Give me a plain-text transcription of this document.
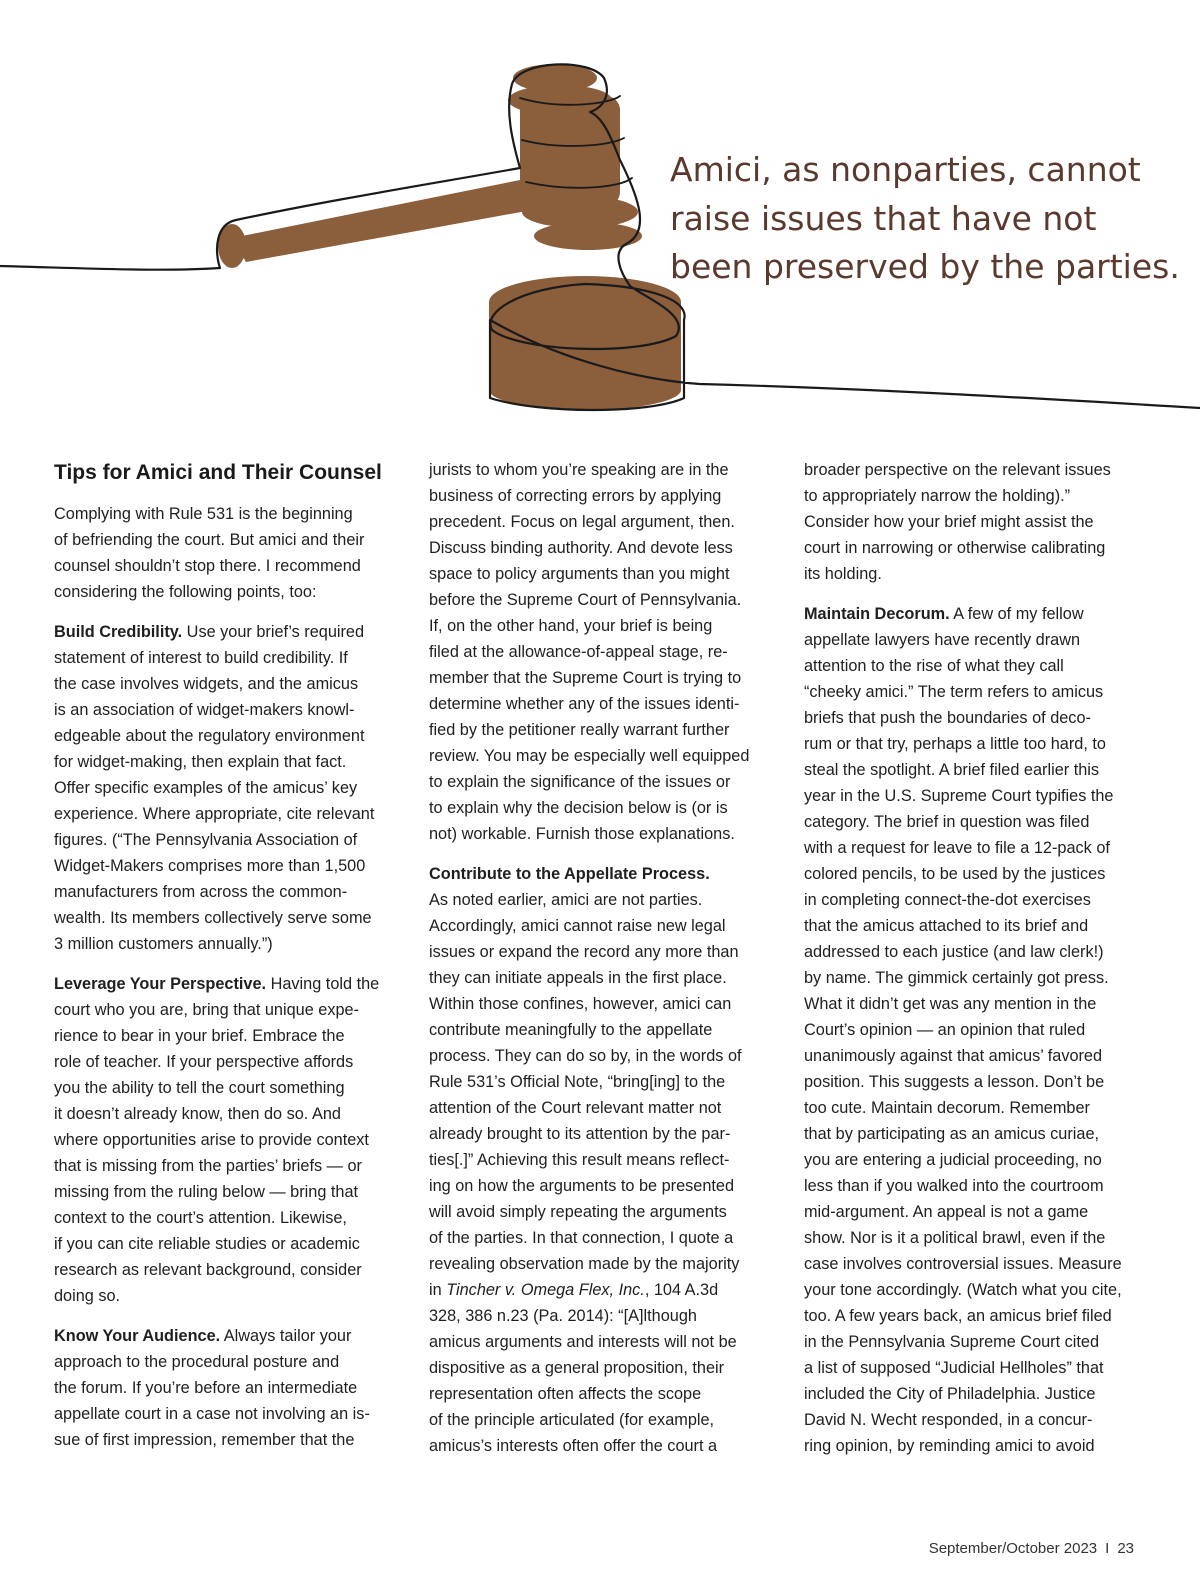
Amici, as nonparties, cannot
raise issues that have not
been preserved by the parties.
Tips for Amici and Their Counsel

Complying with Rule 531 is the beginning
of befriending the court. But amici and their
counsel shouldn’t stop there. I recommend
considering the following points, too:

Build Credibility. Use your brief’s required
statement of interest to build credibility. If
the case involves widgets, and the amicus
is an association of widget-makers knowl-
edgeable about the regulatory environment
for widget-making, then explain that fact.
Offer specific examples of the amicus’ key
experience. Where appropriate, cite relevant
figures. (“The Pennsylvania Association of
Widget-Makers comprises more than 1,500
manufacturers from across the common-
wealth. Its members collectively serve some
3 million customers annually.”)

Leverage Your Perspective. Having told the
court who you are, bring that unique expe-
rience to bear in your brief. Embrace the
role of teacher. If your perspective affords
you the ability to tell the court something
it doesn’t already know, then do so. And
where opportunities arise to provide context
that is missing from the parties’ briefs — or
missing from the ruling below — bring that
context to the court’s attention. Likewise,
if you can cite reliable studies or academic
research as relevant background, consider
doing so.

Know Your Audience. Always tailor your
approach to the procedural posture and
the forum. If you’re before an intermediate
appellate court in a case not involving an is-
sue of first impression, remember that the

jurists to whom you’re speaking are in the
business of correcting errors by applying
precedent. Focus on legal argument, then.
Discuss binding authority. And devote less
space to policy arguments than you might
before the Supreme Court of Pennsylvania.
If, on the other hand, your brief is being
filed at the allowance-of-appeal stage, re-
member that the Supreme Court is trying to
determine whether any of the issues identi-
fied by the petitioner really warrant further
review. You may be especially well equipped
to explain the significance of the issues or
to explain why the decision below is (or is
not) workable. Furnish those explanations.

Contribute to the Appellate Process.
As noted earlier, amici are not parties.
Accordingly, amici cannot raise new legal
issues or expand the record any more than
they can initiate appeals in the first place.
Within those confines, however, amici can
contribute meaningfully to the appellate
process. They can do so by, in the words of
Rule 531’s Official Note, “bring[ing] to the
attention of the Court relevant matter not
already brought to its attention by the par-
ties[.]” Achieving this result means reflect-
ing on how the arguments to be presented
will avoid simply repeating the arguments
of the parties. In that connection, I quote a
revealing observation made by the majority
in Tincher v. Omega Flex, Inc., 104 A.3d
328, 386 n.23 (Pa. 2014): “[A]lthough
amicus arguments and interests will not be
dispositive as a general proposition, their
representation often affects the scope
of the principle articulated (for example,
amicus’s interests often offer the court a

broader perspective on the relevant issues
to appropriately narrow the holding).”
Consider how your brief might assist the
court in narrowing or otherwise calibrating
its holding.

Maintain Decorum. A few of my fellow
appellate lawyers have recently drawn
attention to the rise of what they call
“cheeky amici.” The term refers to amicus
briefs that push the boundaries of deco-
rum or that try, perhaps a little too hard, to
steal the spotlight. A brief filed earlier this
year in the U.S. Supreme Court typifies the
category. The brief in question was filed
with a request for leave to file a 12-pack of
colored pencils, to be used by the justices
in completing connect-the-dot exercises
that the amicus attached to its brief and
addressed to each justice (and law clerk!)
by name. The gimmick certainly got press.
What it didn’t get was any mention in the
Court’s opinion — an opinion that ruled
unanimously against that amicus’ favored
position. This suggests a lesson. Don’t be
too cute. Maintain decorum. Remember
that by participating as an amicus curiae,
you are entering a judicial proceeding, no
less than if you walked into the courtroom
mid-argument. An appeal is not a game
show. Nor is it a political brawl, even if the
case involves controversial issues. Measure
your tone accordingly. (Watch what you cite,
too. A few years back, an amicus brief filed
in the Pennsylvania Supreme Court cited
a list of supposed “Judicial Hellholes” that
included the City of Philadelphia. Justice
David N. Wecht responded, in a concur-
ring opinion, by reminding amici to avoid

September/October 2023 I 23
